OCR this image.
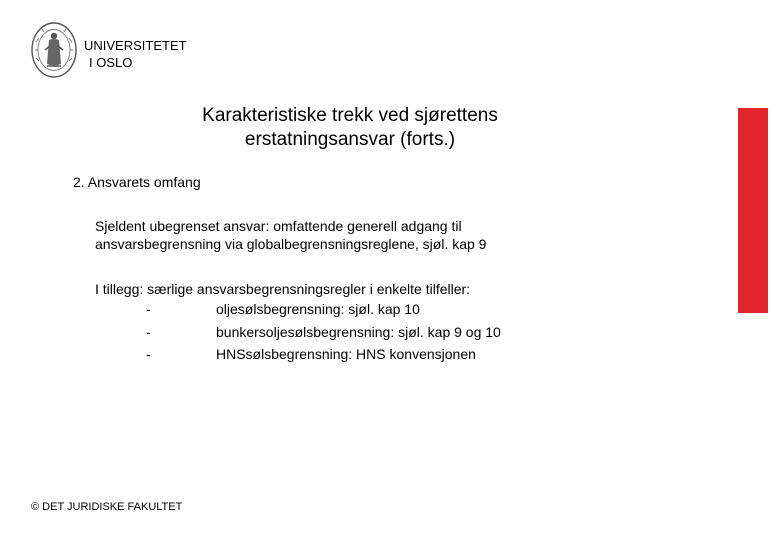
UNIVERSITETET
I OSLO
Karakteristiske trekk ved sjørettens
erstatningsansvar (forts.)
2. Ansvarets omfang
Sjeldent ubegrenset ansvar: omfattende generell adgang til
ansvarsbegrensning via globalbegrensningsreglene, sjøl. kap 9
I tillegg: særlige ansvarsbegrensningsregler i enkelte tilfeller:
-	oljesølsbegrensning: sjøl. kap 10
-	bunkersoljesølsbegrensning: sjøl. kap 9 og 10
-	HNSsølsbegrensning: HNS konvensjonen
© DET JURIDISKE FAKULTET
